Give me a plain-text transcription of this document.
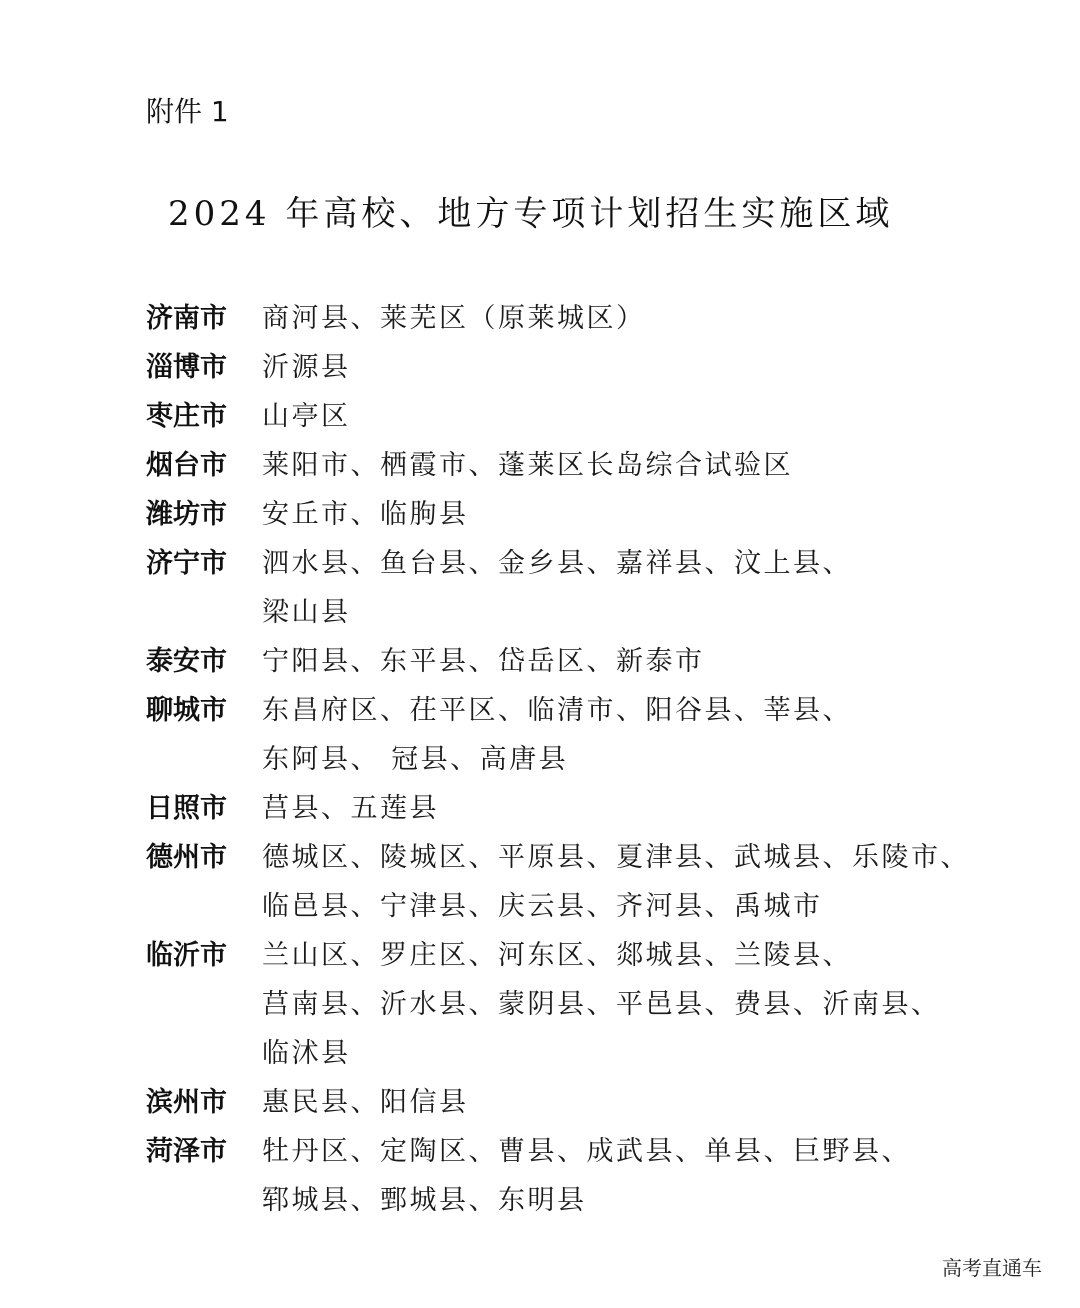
附件 1
2024 年高校、地方专项计划招生实施区域
济南市	商河县、莱芜区（原莱城区）
淄博市	沂源县
枣庄市	山亭区
烟台市	莱阳市、栖霞市、蓬莱区长岛综合试验区
潍坊市	安丘市、临朐县
济宁市	泗水县、鱼台县、金乡县、嘉祥县、汶上县、
梁山县
泰安市	宁阳县、东平县、岱岳区、新泰市
聊城市	东昌府区、茌平区、临清市、阳谷县、莘县、
东阿县、 冠县、高唐县
日照市	莒县、五莲县
德州市	德城区、陵城区、平原县、夏津县、武城县、乐陵市、
临邑县、宁津县、庆云县、齐河县、禹城市
临沂市	兰山区、罗庄区、河东区、郯城县、兰陵县、
莒南县、沂水县、蒙阴县、平邑县、费县、沂南县、
临沭县
滨州市	惠民县、阳信县
菏泽市	牡丹区、定陶区、曹县、成武县、单县、巨野县、
郓城县、鄄城县、东明县
高考直通车
